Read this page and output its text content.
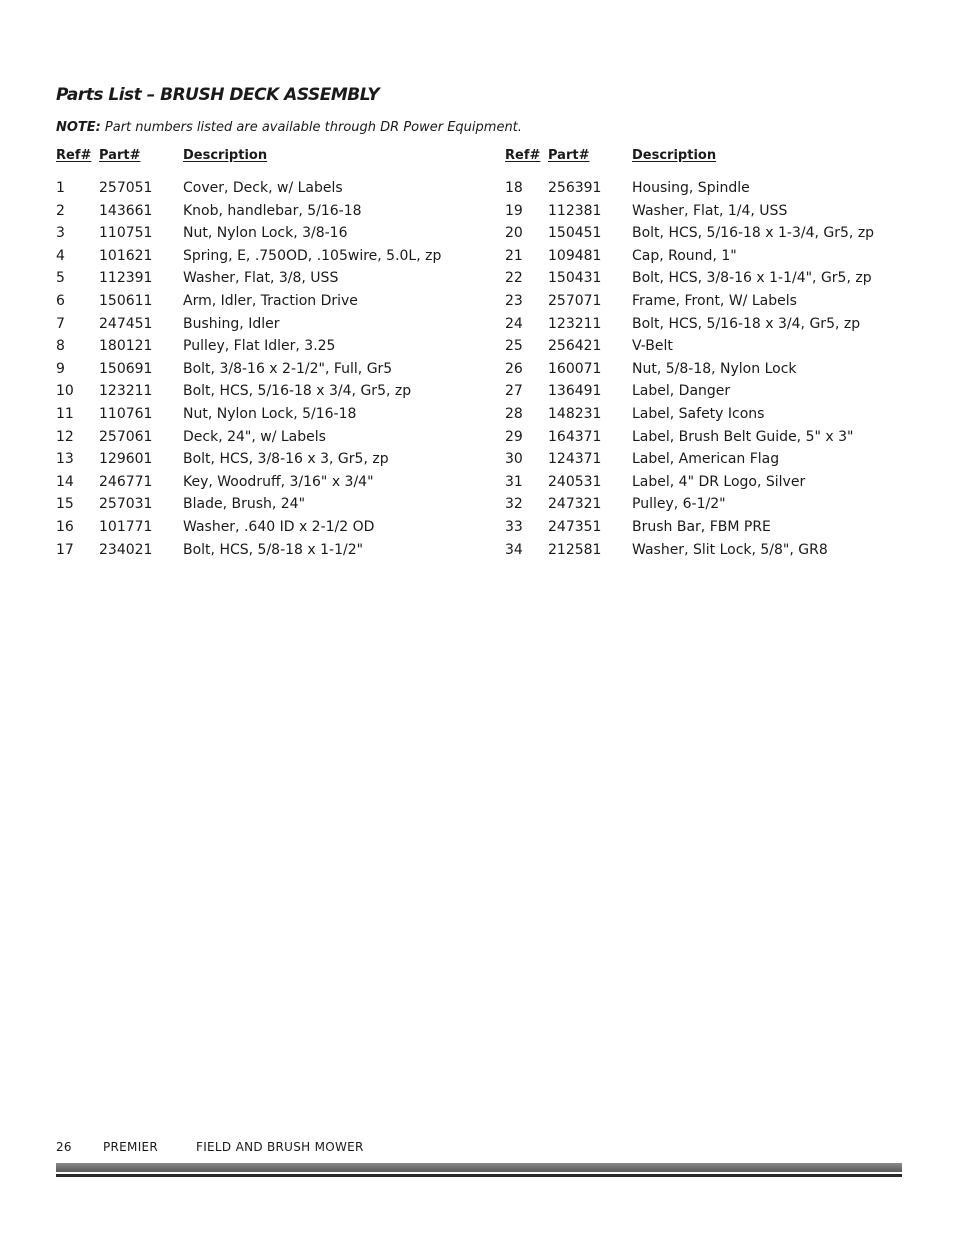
Parts List – BRUSH DECK ASSEMBLY
NOTE: Part numbers listed are available through DR Power Equipment.
Ref# Part#	Description
1 257051 Cover, Deck, w/ Labels
2 143661 Knob, handlebar, 5/16-18
3 110751 Nut, Nylon Lock, 3/8-16
4 101621 Spring, E, .750OD, .105wire, 5.0L, zp
5 112391 Washer, Flat, 3/8, USS
6 150611 Arm, Idler, Traction Drive
7 247451 Bushing, Idler
8 180121 Pulley, Flat Idler, 3.25
9 150691 Bolt, 3/8-16 x 2-1/2", Full, Gr5
10 123211 Bolt, HCS, 5/16-18 x 3/4, Gr5, zp
11 110761 Nut, Nylon Lock, 5/16-18
12 257061 Deck, 24", w/ Labels
13 129601 Bolt, HCS, 3/8-16 x 3, Gr5, zp
14 246771 Key, Woodruff, 3/16" x 3/4"
15 257031 Blade, Brush, 24"
16 101771 Washer, .640 ID x 2-1/2 OD
17 234021 Bolt, HCS, 5/8-18 x 1-1/2"
Ref# Part#	Description
18 256391 Housing, Spindle
19 112381 Washer, Flat, 1/4, USS
20 150451 Bolt, HCS, 5/16-18 x 1-3/4, Gr5, zp
21 109481 Cap, Round, 1"
22 150431 Bolt, HCS, 3/8-16 x 1-1/4", Gr5, zp
23 257071 Frame, Front, W/ Labels
24 123211 Bolt, HCS, 5/16-18 x 3/4, Gr5, zp
25 256421 V-Belt
26 160071 Nut, 5/8-18, Nylon Lock
27 136491 Label, Danger
28 148231 Label, Safety Icons
29 164371 Label, Brush Belt Guide, 5" x 3"
30 124371 Label, American Flag
31 240531 Label, 4" DR Logo, Silver
32 247321 Pulley, 6-1/2"
33 247351 Brush Bar, FBM PRE
34 212581 Washer, Slit Lock, 5/8", GR8
26	PREMIER	FIELD AND BRUSH MOWER
